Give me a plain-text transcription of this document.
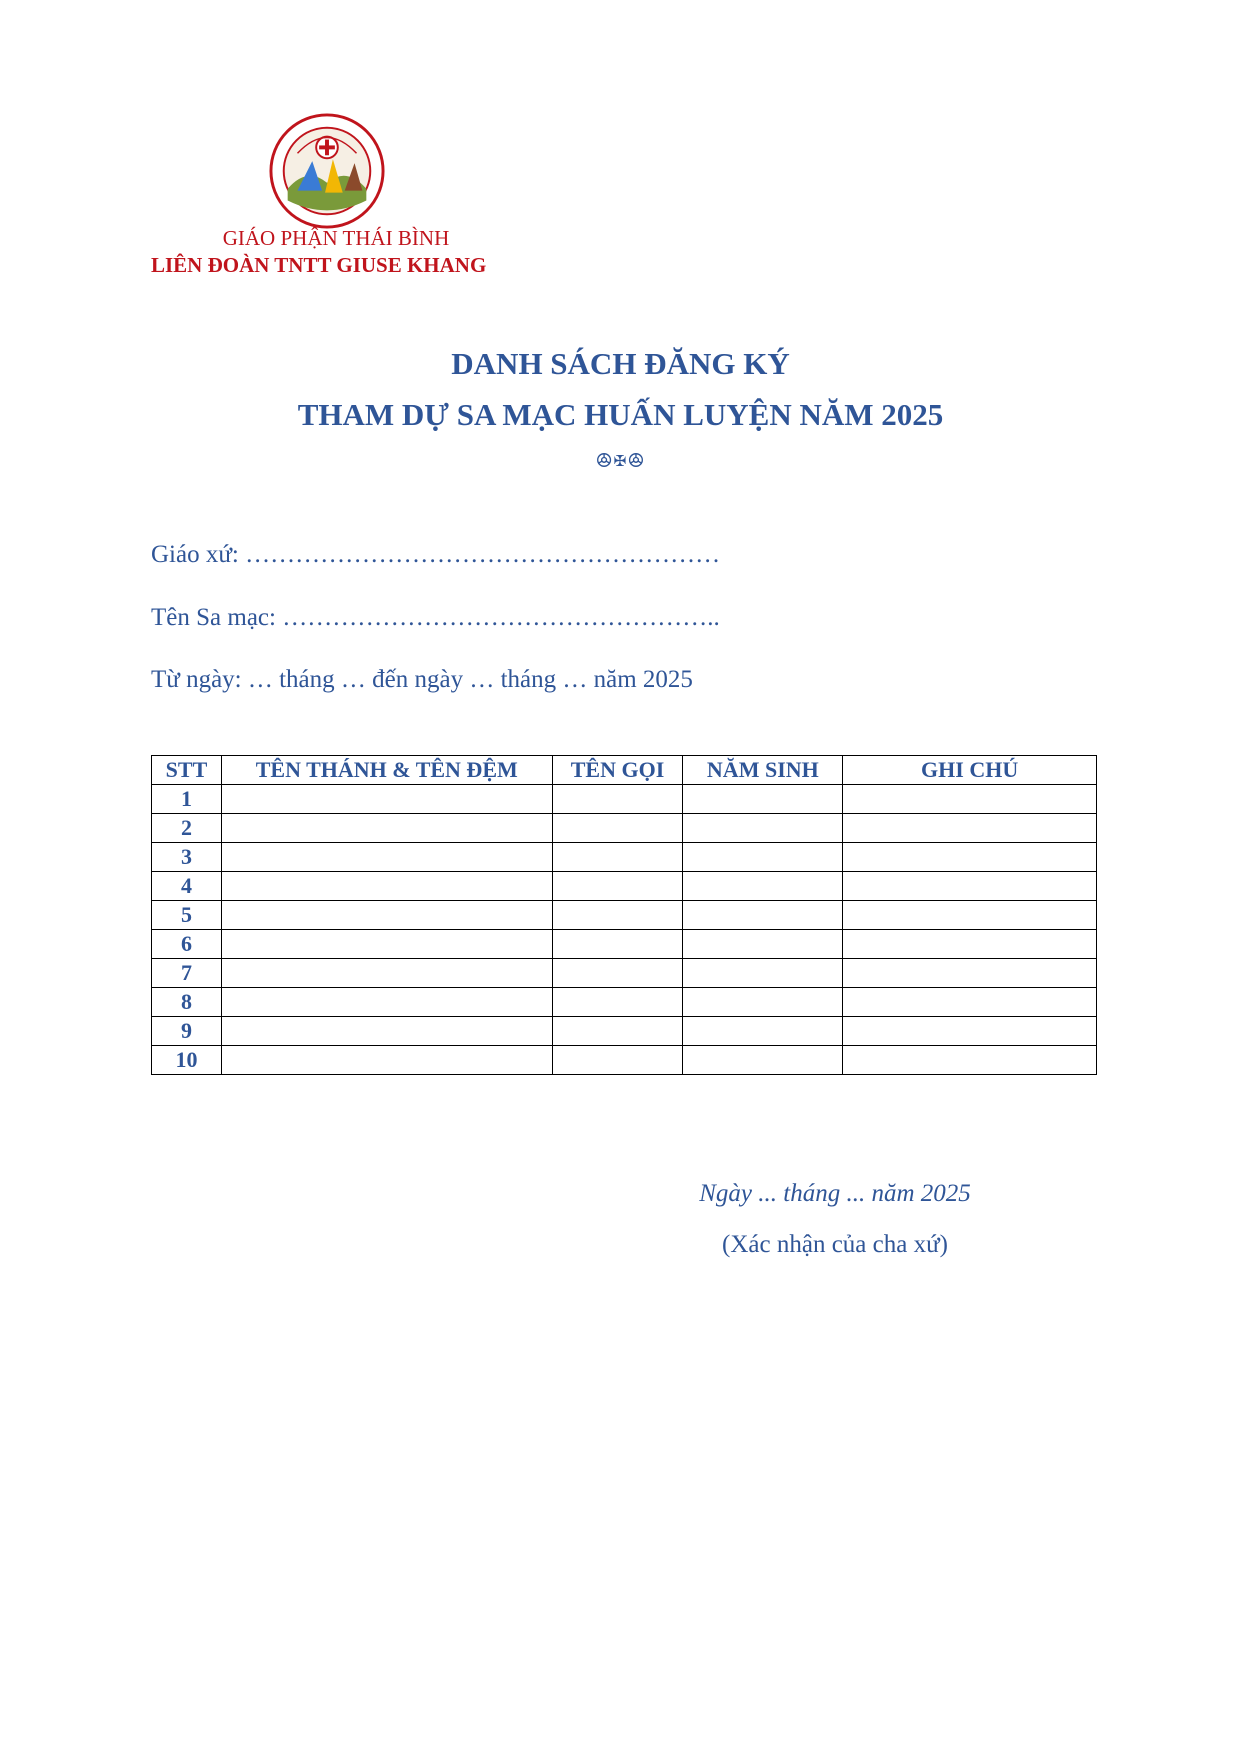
GIÁO PHẬN THÁI BÌNH
LIÊN ĐOÀN TNTT GIUSE KHANG
DANH SÁCH ĐĂNG KÝ
THAM DỰ SA MẠC HUẤN LUYỆN NĂM 2025
ꔮ✠ꔮ
Giáo xứ: …………………………………………………
Tên Sa mạc: ……………………………………………..
Từ ngày: … tháng … đến ngày … tháng … năm 2025
STT	TÊN THÁNH & TÊN ĐỆM	TÊN GỌI	NĂM SINH	GHI CHÚ
1				
2				
3				
4				
5				
6				
7				
8				
9				
10				
Ngày ... tháng ... năm 2025
(Xác nhận của cha xứ)
